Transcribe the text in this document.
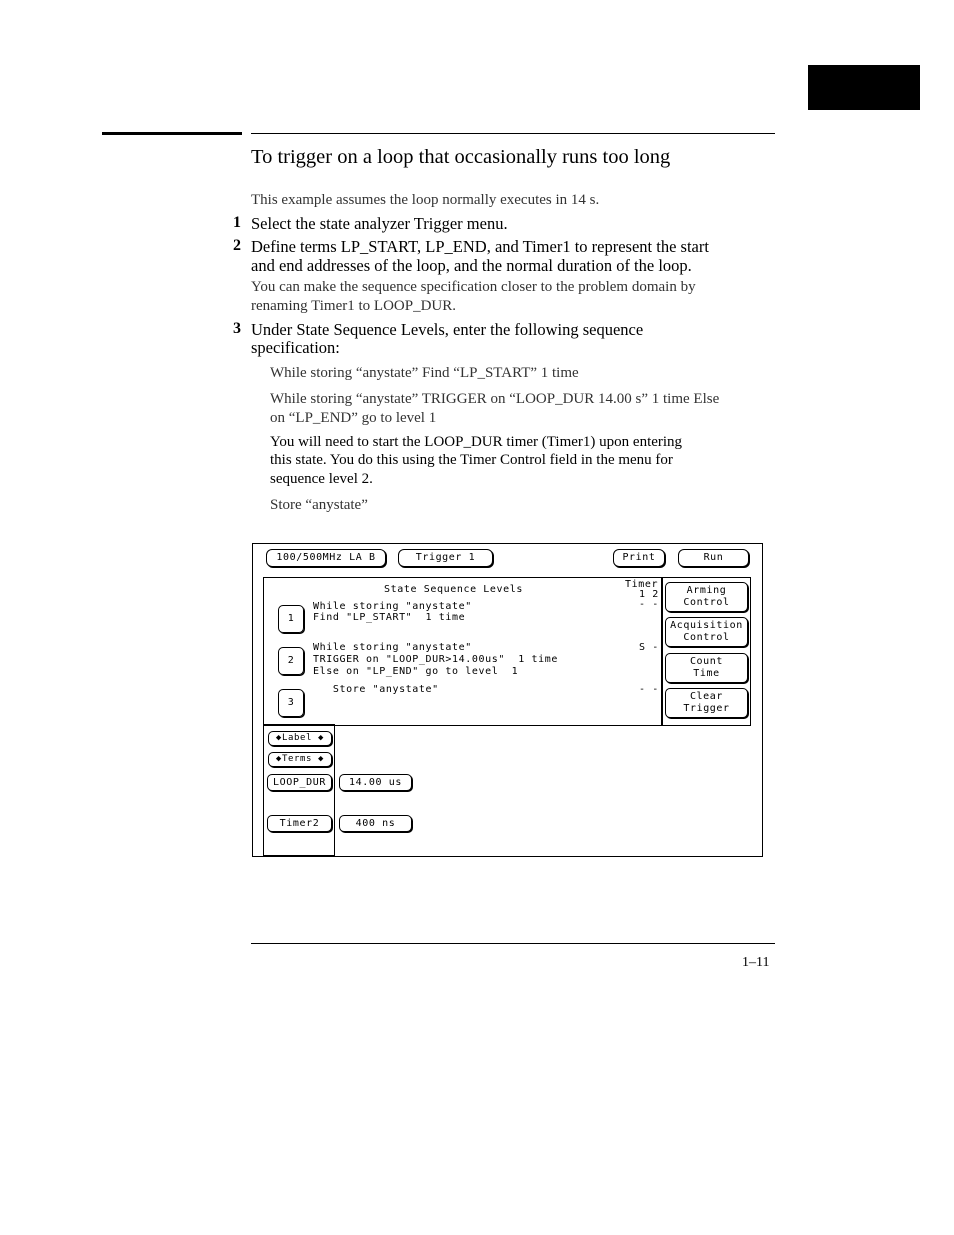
To trigger on a loop that occasionally runs too long
This example assumes the loop normally executes in 14 s.
1 Select the state analyzer Trigger menu.
2 Define terms LP_START, LP_END, and Timer1 to represent the start
and end addresses of the loop, and the normal duration of the loop.
You can make the sequence specification closer to the problem domain by
renaming Timer1 to LOOP_DUR.
3 Under State Sequence Levels, enter the following sequence
specification:
While storing “anystate” Find “LP_START” 1 time
While storing “anystate” TRIGGER on “LOOP_DUR 14.00 s” 1 time Else
on “LP_END” go to level 1
You will need to start the LOOP_DUR timer (Timer1) upon entering
this state. You do this using the Timer Control field in the menu for
sequence level 2.
Store “anystate”
100/500MHz LA B	Trigger 1	Print	Run
State Sequence Levels	Timer
1 2
1
While storing "anystate"
Find "LP_START"  1 time
- -
2
While storing "anystate"
TRIGGER on "LOOP_DUR>14.00us"  1 time
Else on "LP_END" go to level  1
S -
3
Store "anystate"	- -
Arming
Control
Acquisition
Control
Count
Time
Clear
Trigger
◆Label ◆
◆Terms ◆
LOOP_DUR	14.00 us
Timer2	400 ns
1–11
